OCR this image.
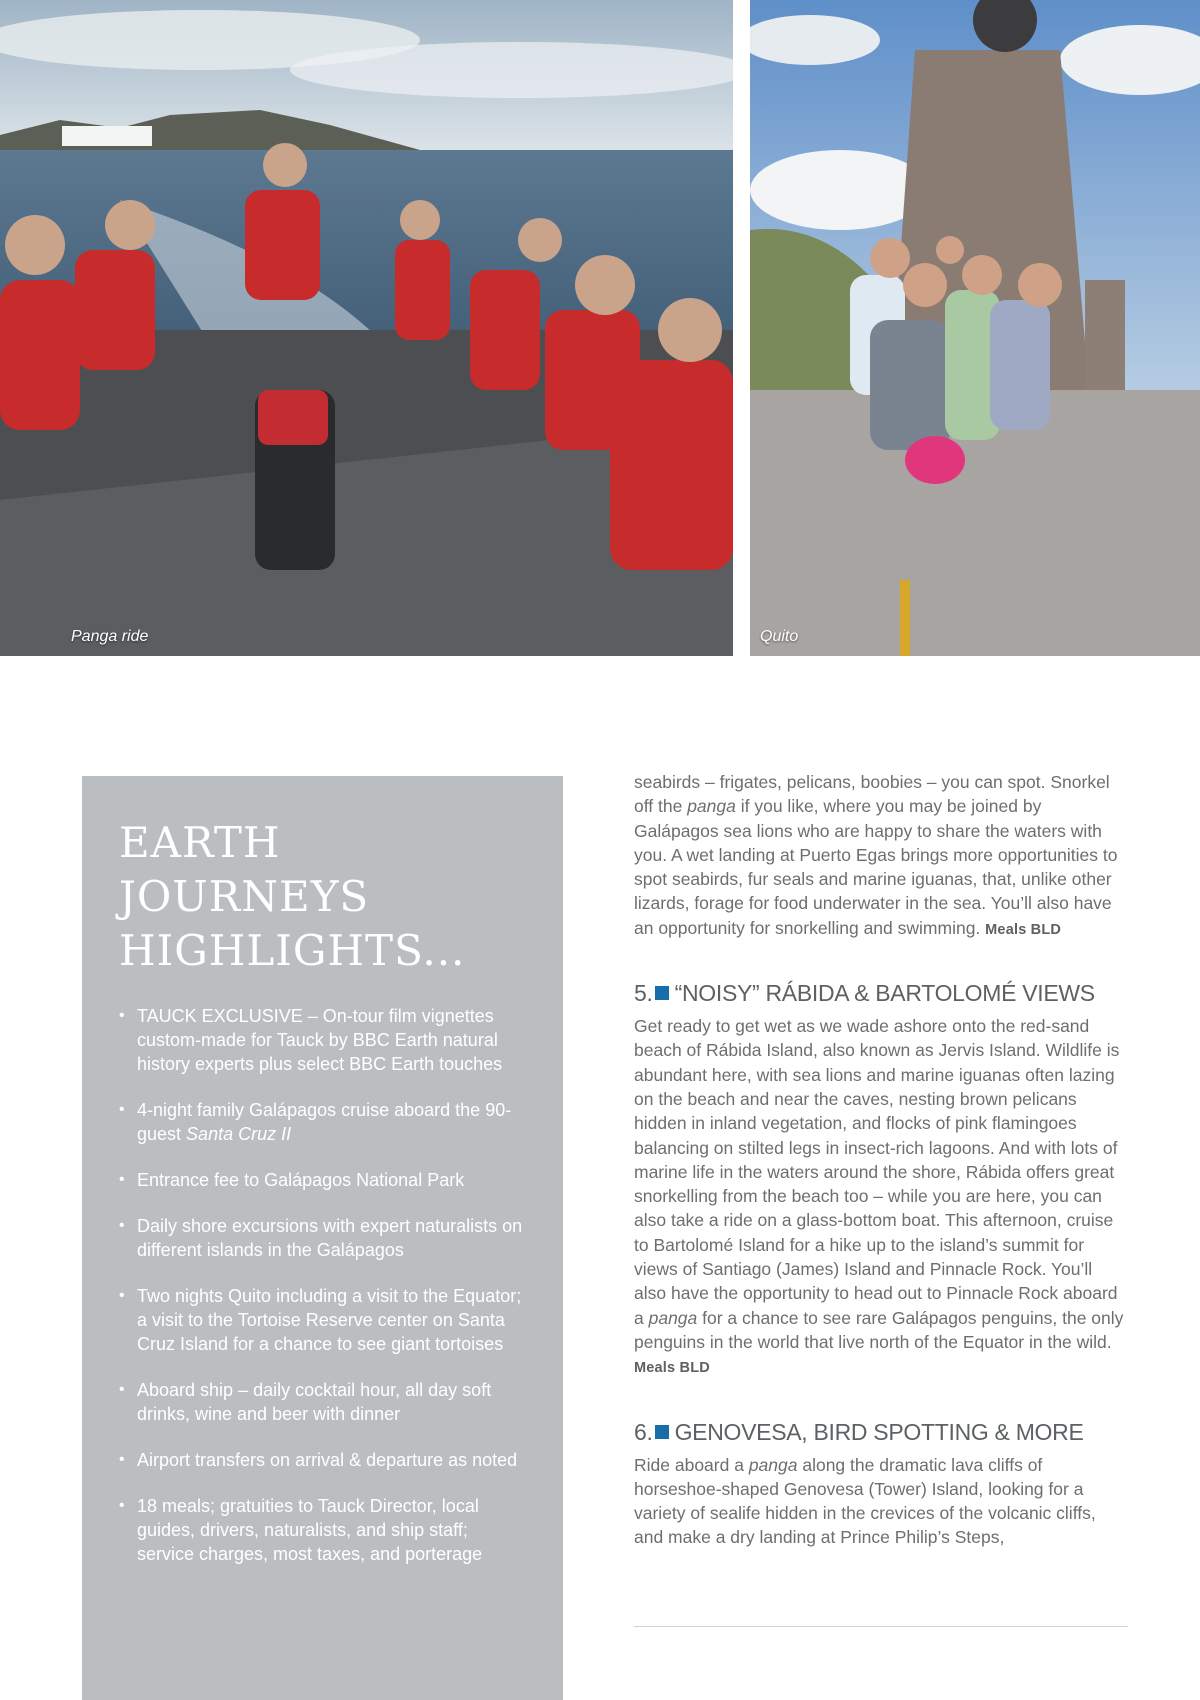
Panga ride	Quito
EARTH JOURNEYS
HIGHLIGHTS...
• TAUCK EXCLUSIVE – On-tour film vignettes custom-made for Tauck by BBC Earth natural history experts plus select BBC Earth touches
• 4-night family Galápagos cruise aboard the 90-guest Santa Cruz II
• Entrance fee to Galápagos National Park
• Daily shore excursions with expert naturalists on different islands in the Galápagos
• Two nights Quito including a visit to the Equator; a visit to the Tortoise Reserve center on Santa Cruz Island for a chance to see giant tortoises
• Aboard ship – daily cocktail hour, all day soft drinks, wine and beer with dinner
• Airport transfers on arrival & departure as noted
• 18 meals; gratuities to Tauck Director, local guides, drivers, naturalists, and ship staff; service charges, most taxes, and porterage

seabirds – frigates, pelicans, boobies – you can spot. Snorkel off the panga if you like, where you may be joined by Galápagos sea lions who are happy to share the waters with you. A wet landing at Puerto Egas brings more opportunities to spot seabirds, fur seals and marine iguanas, that, unlike other lizards, forage for food underwater in the sea. You’ll also have an opportunity for snorkelling and swimming. Meals BLD

5. “NOISY” RÁBIDA & BARTOLOMÉ VIEWS

Get ready to get wet as we wade ashore onto the red-sand beach of Rábida Island, also known as Jervis Island. Wildlife is abundant here, with sea lions and marine iguanas often lazing on the beach and near the caves, nesting brown pelicans hidden in inland vegetation, and flocks of pink flamingoes balancing on stilted legs in insect-rich lagoons. And with lots of marine life in the waters around the shore, Rábida offers great snorkelling from the beach too – while you are here, you can also take a ride on a glass-bottom boat. This afternoon, cruise to Bartolomé Island for a hike up to the island’s summit for views of Santiago (James) Island and Pinnacle Rock. You’ll also have the opportunity to head out to Pinnacle Rock aboard a panga for a chance to see rare Galápagos penguins, the only penguins in the world that live north of the Equator in the wild. Meals BLD

6. GENOVESA, BIRD SPOTTING & MORE

Ride aboard a panga along the dramatic lava cliffs of horseshoe-shaped Genovesa (Tower) Island, looking for a variety of sealife hidden in the crevices of the volcanic cliffs, and make a dry landing at Prince Philip’s Steps,
